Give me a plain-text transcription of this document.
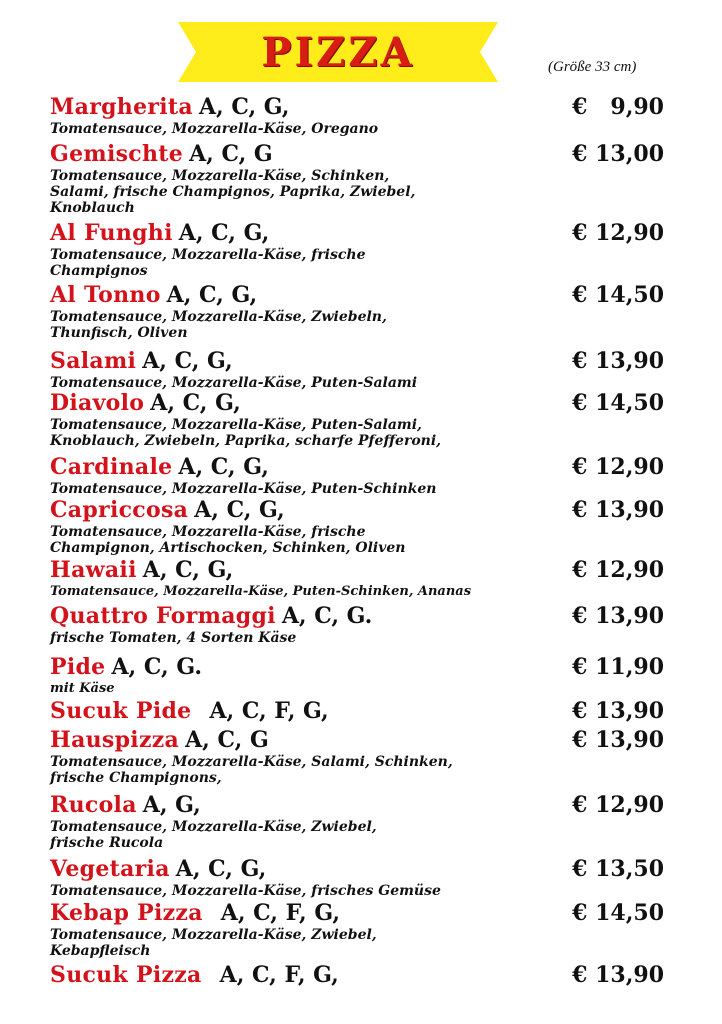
PIZZA	(Größe 33 cm)
Margherita A, C, G,	€   9,90
Tomatensauce, Mozzarella-Käse, Oregano
Gemischte A, C, G	€ 13,00
Tomatensauce, Mozzarella-Käse, Schinken,
Salami, frische Champignos, Paprika, Zwiebel,
Knoblauch
Al Funghi A, C, G,	€ 12,90
Tomatensauce, Mozzarella-Käse, frische
Champignos
Al Tonno A, C, G,	€ 14,50
Tomatensauce, Mozzarella-Käse, Zwiebeln,
Thunfisch, Oliven
Salami A, C, G,	€ 13,90
Tomatensauce, Mozzarella-Käse, Puten-Salami
Diavolo A, C, G,	€ 14,50
Tomatensauce, Mozzarella-Käse, Puten-Salami,
Knoblauch, Zwiebeln, Paprika, scharfe Pfefferoni,
Cardinale A, C, G,	€ 12,90
Tomatensauce, Mozzarella-Käse, Puten-Schinken
Capriccosa A, C, G,	€ 13,90
Tomatensauce, Mozzarella-Käse, frische
Champignon, Artischocken, Schinken, Oliven
Hawaii A, C, G,	€ 12,90
Tomatensauce, Mozzarella-Käse, Puten-Schinken, Ananas
Quattro Formaggi A, C, G.	€ 13,90
frische Tomaten, 4 Sorten Käse
Pide A, C, G.	€ 11,90
mit Käse
Sucuk Pide A, C, F, G,	€ 13,90
Hauspizza A, C, G	€ 13,90
Tomatensauce, Mozzarella-Käse, Salami, Schinken,
frische Champignons,
Rucola A, G,	€ 12,90
Tomatensauce, Mozzarella-Käse, Zwiebel,
frische Rucola
Vegetaria A, C, G,	€ 13,50
Tomatensauce, Mozzarella-Käse, frisches Gemüse
Kebap Pizza A, C, F, G,	€ 14,50
Tomatensauce, Mozzarella-Käse, Zwiebel,
Kebapfleisch
Sucuk Pizza A, C, F, G,	€ 13,90
